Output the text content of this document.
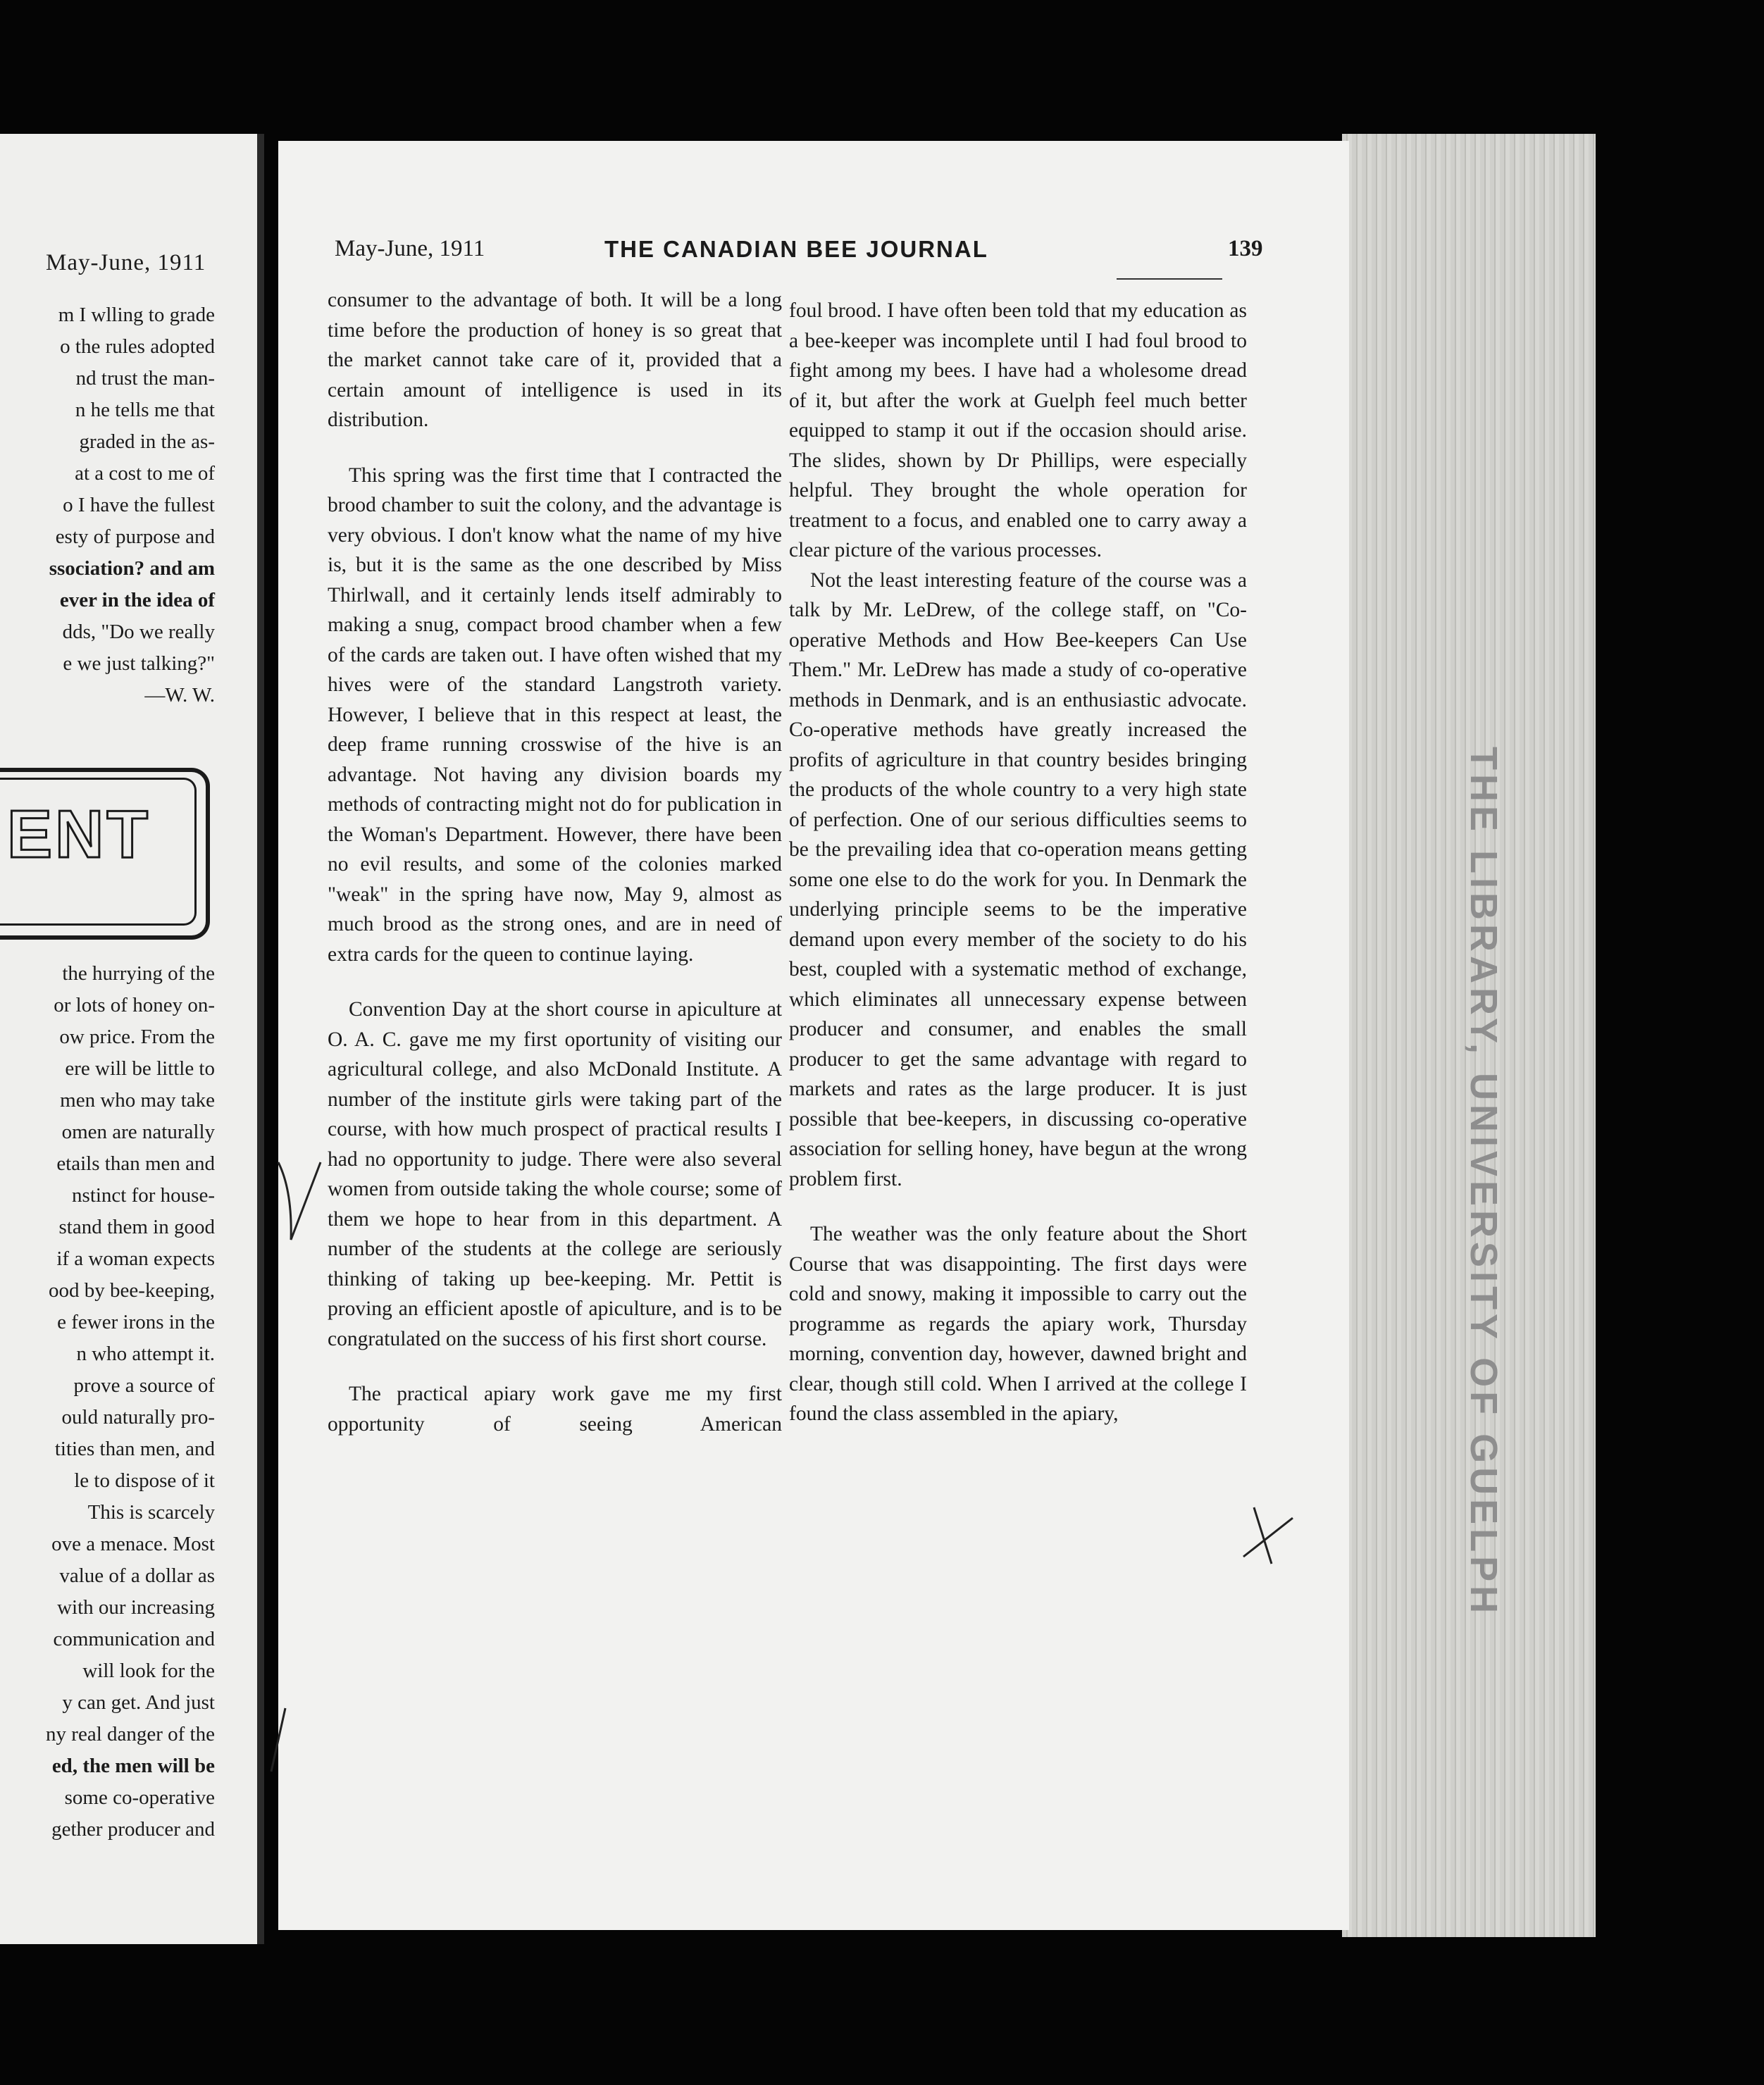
THE LIBRARY, UNIVERSITY OF GUELPH
May-June, 1911
m I wlling to grade
o the rules adopted
nd trust the man-
n he tells me that
graded in the as-
at a cost to me of
o I have the fullest
esty of purpose and
ssociation? and am
ever in the idea of
dds, "Do we really
e we just talking?"
—W. W.
ENT
the hurrying of the
or lots of honey on-
ow price. From the
ere will be little to
men who may take
omen are naturally
etails than men and
nstinct for house-
stand them in good
if a woman expects
ood by bee-keeping,
e fewer irons in the
n who attempt it.
prove a source of
ould naturally pro-
tities than men, and
le to dispose of it
This is scarcely
ove a menace. Most
value of a dollar as
with our increasing
communication and
will look for the
y can get. And just
ny real danger of the
ed, the men will be
some co-operative
gether producer and
May-June, 1911	THE CANADIAN BEE JOURNAL	139

consumer to the advantage of both. It will be a long time before the production of honey is so great that the market cannot take care of it, provided that a certain amount of intelligence is used in its distribution.

This spring was the first time that I contracted the brood chamber to suit the colony, and the advantage is very obvious. I don't know what the name of my hive is, but it is the same as the one described by Miss Thirlwall, and it certainly lends itself admirably to making a snug, compact brood chamber when a few of the cards are taken out. I have often wished that my hives were of the standard Langstroth variety. However, I believe that in this respect at least, the deep frame running crosswise of the hive is an advantage. Not having any division boards my methods of contracting might not do for publication in the Woman's Department. However, there have been no evil results, and some of the colonies marked "weak" in the spring have now, May 9, almost as much brood as the strong ones, and are in need of extra cards for the queen to continue laying.

Convention Day at the short course in apiculture at O. A. C. gave me my first oportunity of visiting our agricultural college, and also McDonald Institute. A number of the institute girls were taking part of the course, with how much prospect of practical results I had no opportunity to judge. There were also several women from outside taking the whole course; some of them we hope to hear from in this department. A number of the students at the college are seriously thinking of taking up bee-keeping. Mr. Pettit is proving an efficient apostle of apiculture, and is to be congratulated on the success of his first short course.

The practical apiary work gave me my first opportunity of seeing American

foul brood. I have often been told that my education as a bee-keeper was incomplete until I had foul brood to fight among my bees. I have had a wholesome dread of it, but after the work at Guelph feel much better equipped to stamp it out if the occasion should arise. The slides, shown by Dr Phillips, were especially helpful. They brought the whole operation for treatment to a focus, and enabled one to carry away a clear picture of the various processes.

Not the least interesting feature of the course was a talk by Mr. LeDrew, of the college staff, on "Co-operative Methods and How Bee-keepers Can Use Them." Mr. LeDrew has made a study of co-operative methods in Denmark, and is an enthusiastic advocate. Co-operative methods have greatly increased the profits of agriculture in that country besides bringing the products of the whole country to a very high state of perfection. One of our serious difficulties seems to be the prevailing idea that co-operation means getting some one else to do the work for you. In Denmark the underlying principle seems to be the imperative demand upon every member of the society to do his best, coupled with a systematic method of exchange, which eliminates all unnecessary expense between producer and consumer, and enables the small producer to get the same advantage with regard to markets and rates as the large producer. It is just possible that bee-keepers, in discussing co-operative association for selling honey, have begun at the wrong problem first.

The weather was the only feature about the Short Course that was disappointing. The first days were cold and snowy, making it impossible to carry out the programme as regards the apiary work, Thursday morning, convention day, however, dawned bright and clear, though still cold. When I arrived at the college I found the class assembled in the apiary,
